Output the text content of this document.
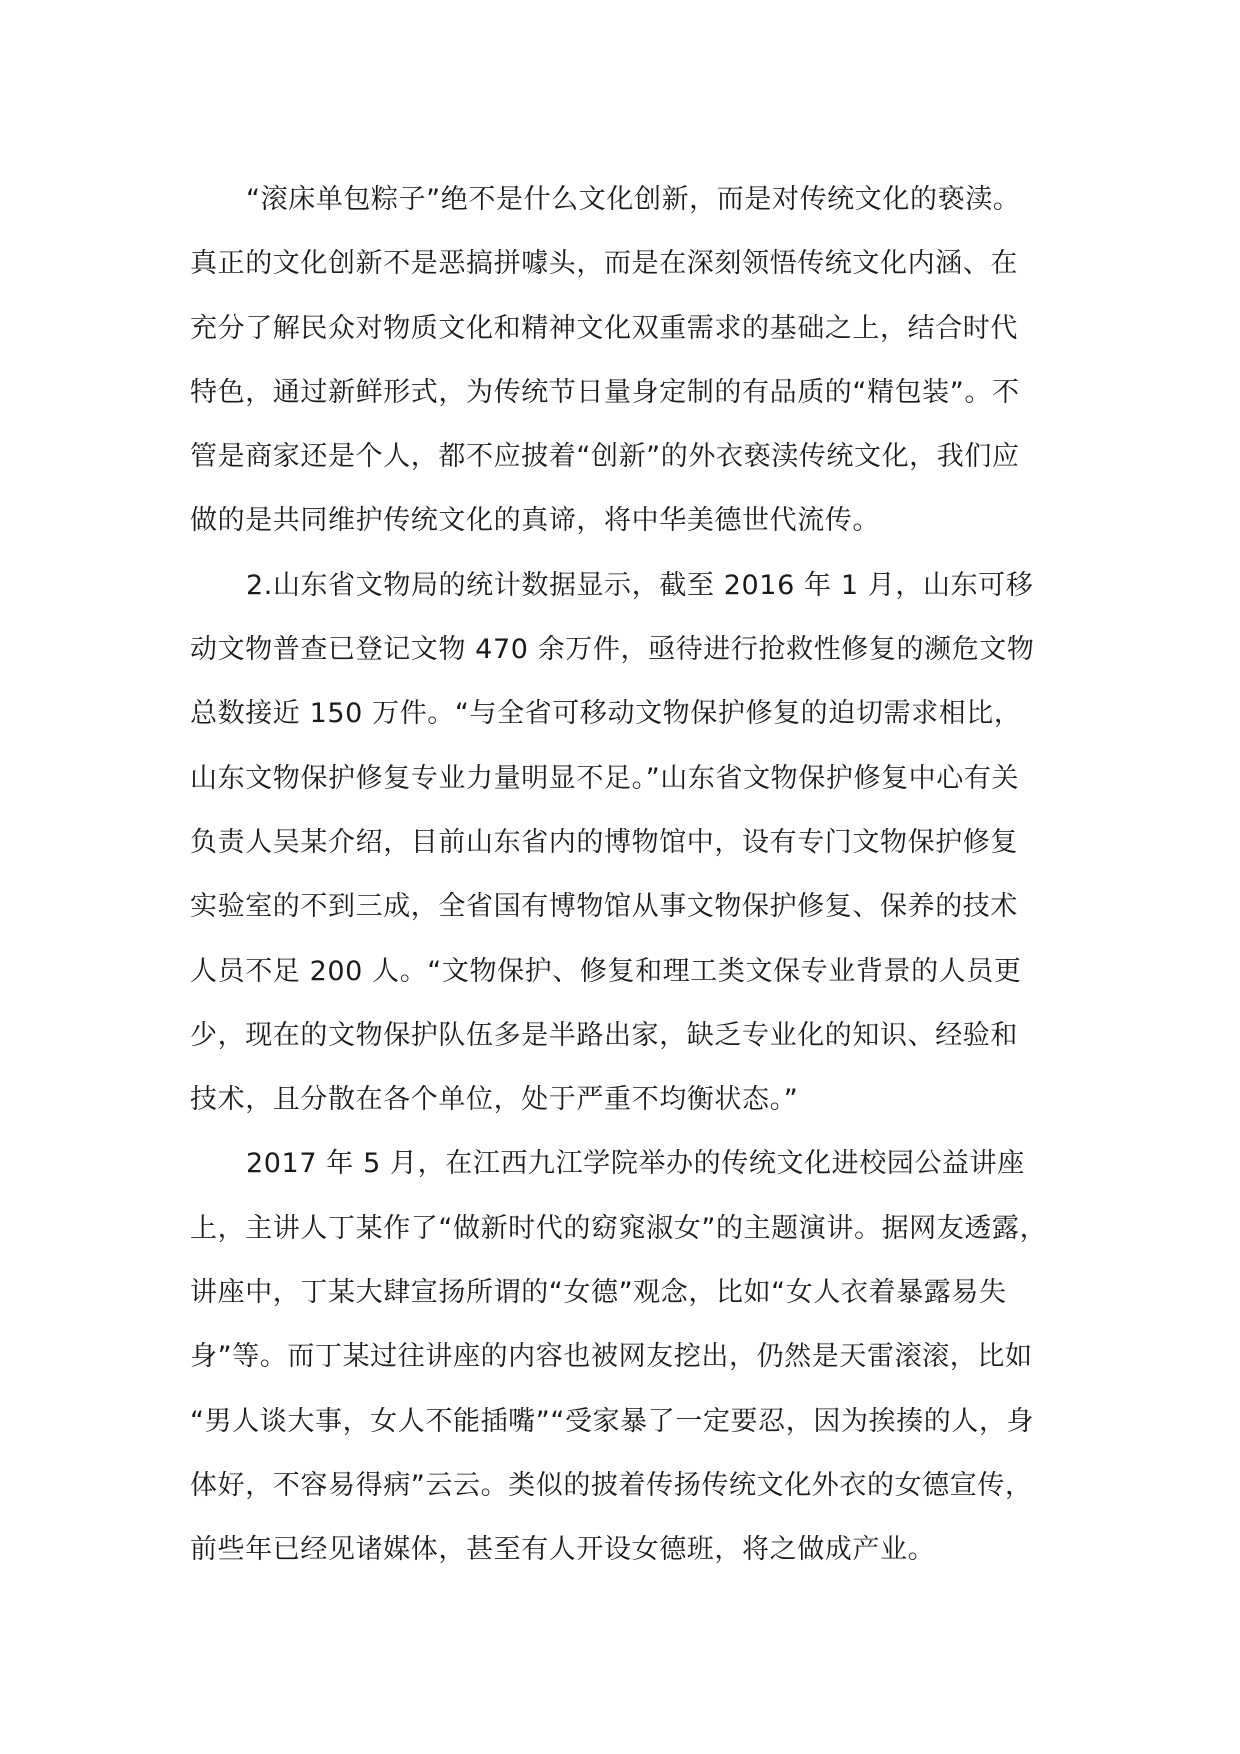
“滚床单包粽子”绝不是什么文化创新，而是对传统文化的亵渎。
真正的文化创新不是恶搞拼噱头，而是在深刻领悟传统文化内涵、在
充分了解民众对物质文化和精神文化双重需求的基础之上，结合时代
特色，通过新鲜形式，为传统节日量身定制的有品质的“精包装”。不
管是商家还是个人，都不应披着“创新”的外衣亵渎传统文化，我们应
做的是共同维护传统文化的真谛，将中华美德世代流传。
2.山东省文物局的统计数据显示，截至 2016 年 1 月，山东可移
动文物普查已登记文物 470 余万件，亟待进行抢救性修复的濒危文物
总数接近 150 万件。“与全省可移动文物保护修复的迫切需求相比，
山东文物保护修复专业力量明显不足。”山东省文物保护修复中心有关
负责人吴某介绍，目前山东省内的博物馆中，设有专门文物保护修复
实验室的不到三成，全省国有博物馆从事文物保护修复、保养的技术
人员不足 200 人。“文物保护、修复和理工类文保专业背景的人员更
少，现在的文物保护队伍多是半路出家，缺乏专业化的知识、经验和
技术，且分散在各个单位，处于严重不均衡状态。”
2017 年 5 月，在江西九江学院举办的传统文化进校园公益讲座
上，主讲人丁某作了“做新时代的窈窕淑女”的主题演讲。据网友透露，
讲座中，丁某大肆宣扬所谓的“女德”观念，比如“女人衣着暴露易失
身”等。而丁某过往讲座的内容也被网友挖出，仍然是天雷滚滚，比如
“男人谈大事，女人不能插嘴”“受家暴了一定要忍，因为挨揍的人，身
体好，不容易得病”云云。类似的披着传扬传统文化外衣的女德宣传，
前些年已经见诸媒体，甚至有人开设女德班，将之做成产业。
